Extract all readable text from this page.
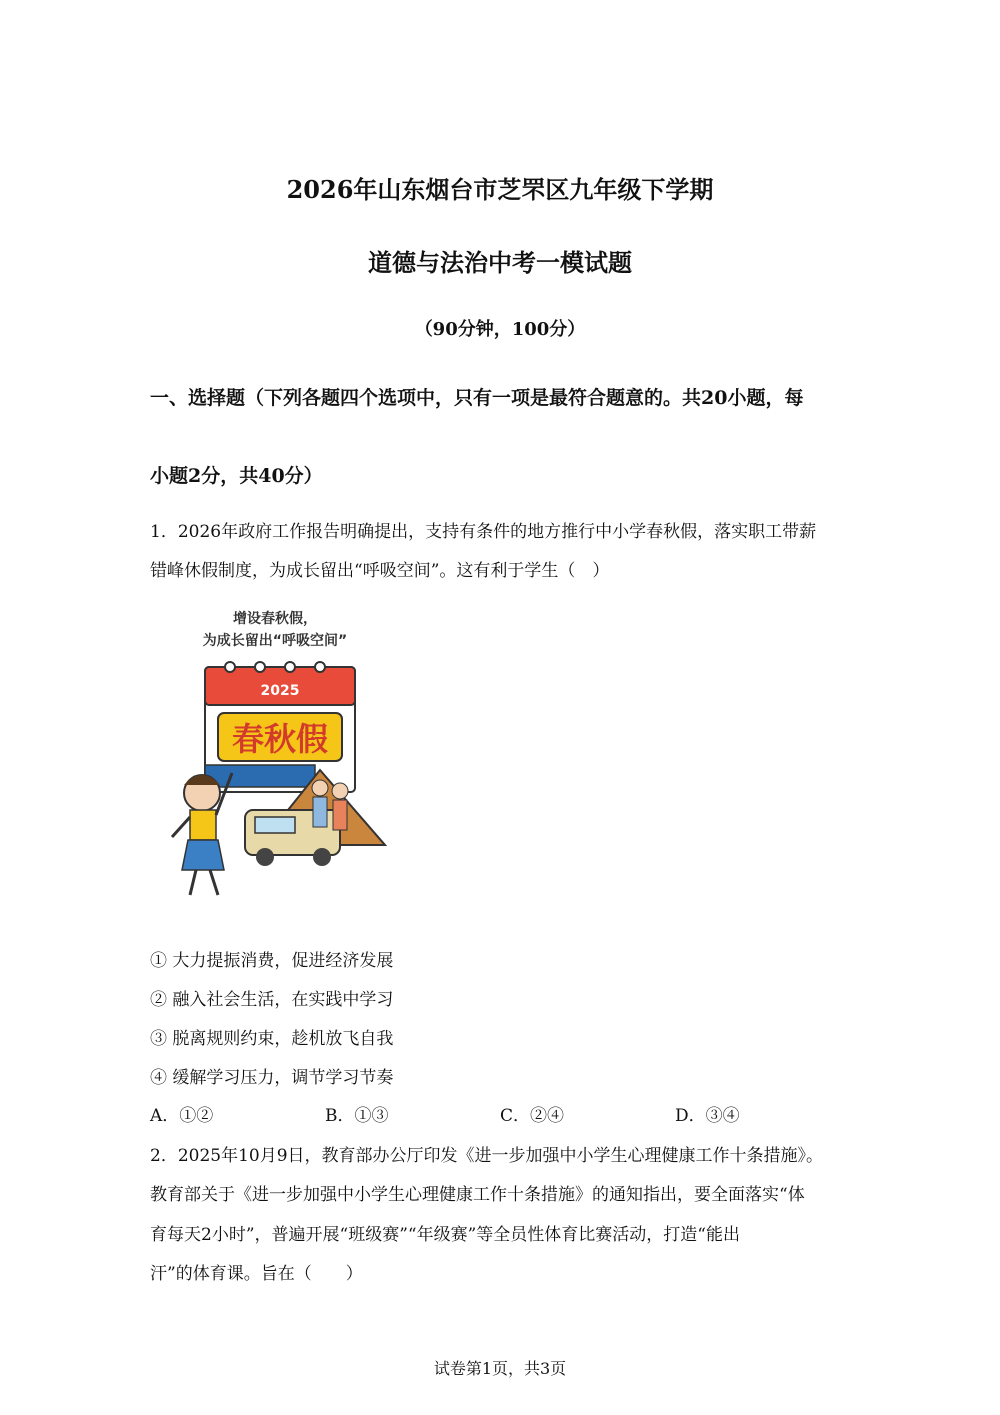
2026年山东烟台市芝罘区九年级下学期
道德与法治中考一模试题
（90分钟，100分）
一、选择题（下列各题四个选项中，只有一项是最符合题意的。共20小题，每
小题2分，共40分）
1．2026年政府工作报告明确提出，支持有条件的地方推行中小学春秋假，落实职工带薪
错峰休假制度，为成长留出“呼吸空间”。这有利于学生（　）
增设春秋假，
为成长留出“呼吸空间”
2025
春秋假
① 大力提振消费，促进经济发展
② 融入社会生活，在实践中学习
③ 脱离规则约束，趁机放飞自我
④ 缓解学习压力，调节学习节奏
A．①②	B．①③	C．②④	D．③④
2．2025年10月9日，教育部办公厅印发《进一步加强中小学生心理健康工作十条措施》。
教育部关于《进一步加强中小学生心理健康工作十条措施》的通知指出，要全面落实“体
育每天2小时”，普遍开展“班级赛”“年级赛”等全员性体育比赛活动，打造“能出
汗”的体育课。旨在（　　）
试卷第1页，共3页
